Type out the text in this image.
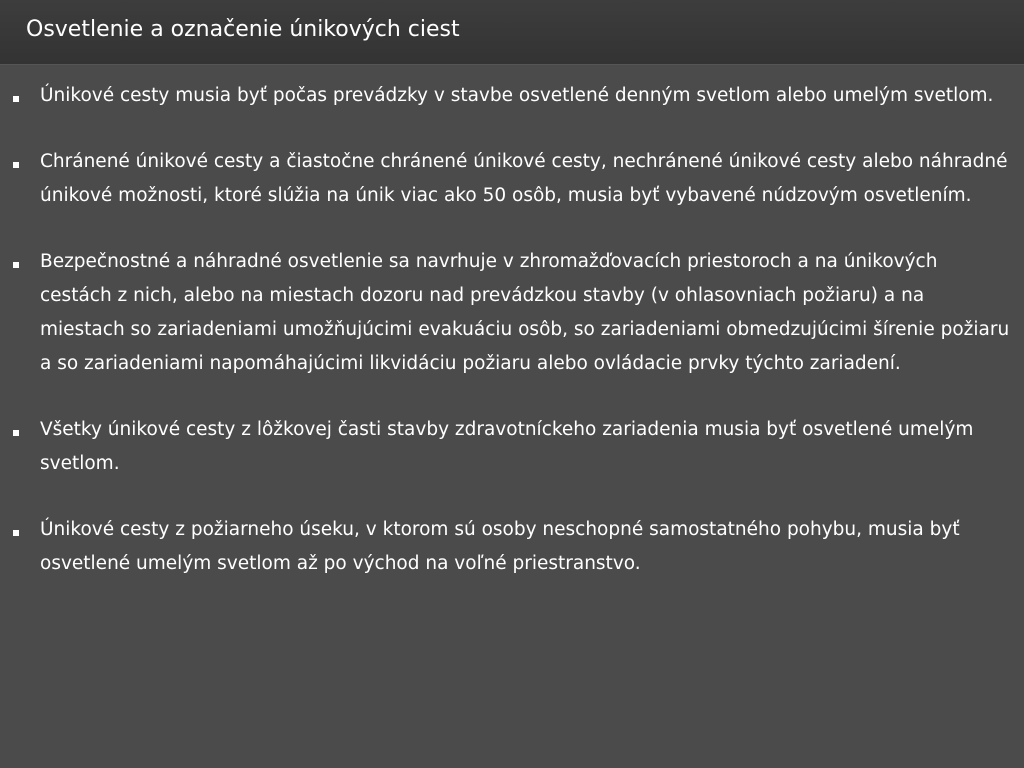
Osvetlenie a označenie únikových ciest
Únikové cesty musia byť počas prevádzky v stavbe osvetlené denným svetlom alebo umelým svetlom.
Chránené únikové cesty a čiastočne chránené únikové cesty, nechránené únikové cesty alebo náhradné únikové možnosti, ktoré slúžia na únik viac ako 50 osôb, musia byť vybavené núdzovým osvetlením.
Bezpečnostné a náhradné osvetlenie sa navrhuje v zhromažďovacích priestoroch a na únikových cestách z nich, alebo na miestach dozoru nad prevádzkou stavby (v ohlasovniach požiaru) a na miestach so zariadeniami umožňujúcimi evakuáciu osôb, so zariadeniami obmedzujúcimi šírenie požiaru a so zariadeniami napomáhajúcimi likvidáciu požiaru alebo ovládacie prvky týchto zariadení.
Všetky únikové cesty z lôžkovej časti stavby zdravotníckeho zariadenia musia byť osvetlené umelým svetlom.
Únikové cesty z požiarneho úseku, v ktorom sú osoby neschopné samostatného pohybu, musia byť osvetlené umelým svetlom až po východ na voľné priestranstvo.
